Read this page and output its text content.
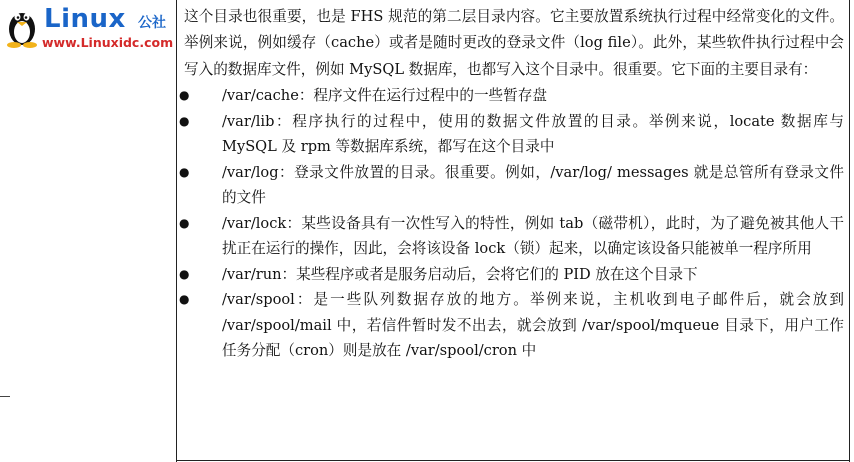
Linux 公社
www.Linuxidc.com

这个目录也很重要，也是 FHS 规范的第二层目录内容。它主要放置系统执行过程中经常变化的文件。举例来说，例如缓存（cache）或者是随时更改的登录文件（log file）。此外，某些软件执行过程中会写入的数据库文件，例如 MySQL 数据库，也都写入这个目录中。很重要。它下面的主要目录有：

● /var/cache：程序文件在运行过程中的一些暂存盘
● /var/lib：程序执行的过程中，使用的数据文件放置的目录。举例来说，locate 数据库与 MySQL 及 rpm 等数据库系统，都写在这个目录中
● /var/log：登录文件放置的目录。很重要。例如，/var/log/ messages 就是总管所有登录文件的文件
● /var/lock：某些设备具有一次性写入的特性，例如 tab（磁带机），此时，为了避免被其他人干扰正在运行的操作，因此，会将该设备 lock（锁）起来，以确定该设备只能被单一程序所用
● /var/run：某些程序或者是服务启动后，会将它们的 PID 放在这个目录下
● /var/spool：是一些队列数据存放的地方。举例来说，主机收到电子邮件后，就会放到 /var/spool/mail 中，若信件暂时发不出去，就会放到 /var/spool/mqueue 目录下，用户工作任务分配（cron）则是放在 /var/spool/cron 中
